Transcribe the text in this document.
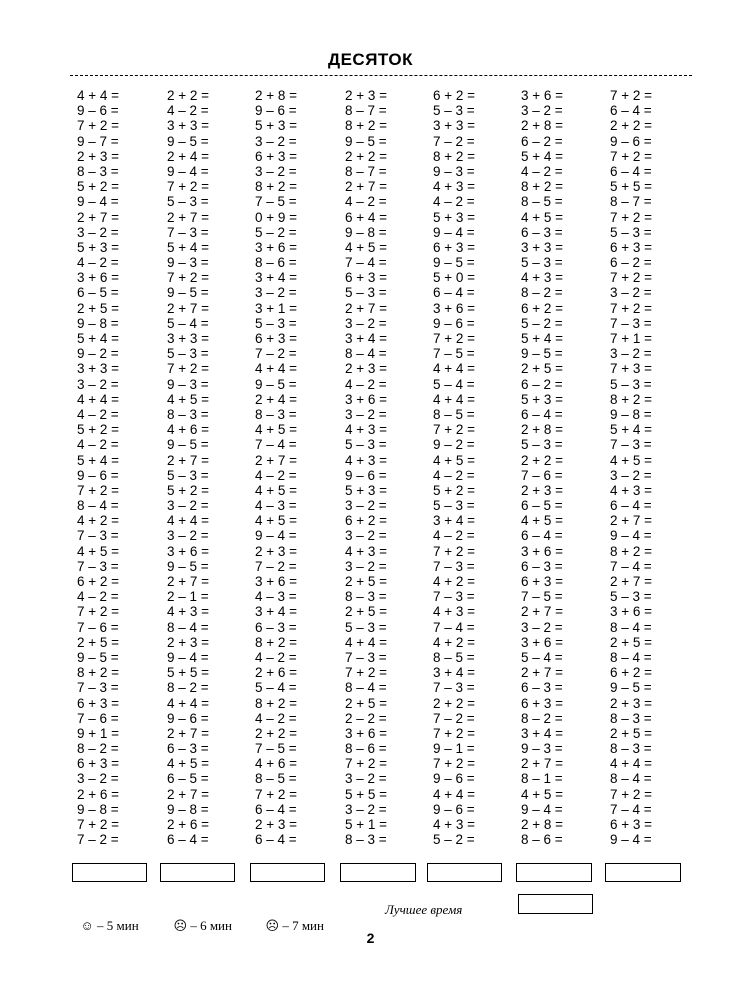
ДЕСЯТОК
4 + 4 =
9 – 6 =
7 + 2 =
9 – 7 =
2 + 3 =
8 – 3 =
5 + 2 =
9 – 4 =
2 + 7 =
3 – 2 =
5 + 3 =
4 – 2 =
3 + 6 =
6 – 5 =
2 + 5 =
9 – 8 =
5 + 4 =
9 – 2 =
3 + 3 =
3 – 2 =
4 + 4 =
4 – 2 =
5 + 2 =
4 – 2 =
5 + 4 =
9 – 6 =
7 + 2 =
8 – 4 =
4 + 2 =
7 – 3 =
4 + 5 =
7 – 3 =
6 + 2 =
4 – 2 =
7 + 2 =
7 – 6 =
2 + 5 =
9 – 5 =
8 + 2 =
7 – 3 =
6 + 3 =
7 – 6 =
9 + 1 =
8 – 2 =
6 + 3 =
3 – 2 =
2 + 6 =
9 – 8 =
7 + 2 =
7 – 2 =
2 + 2 =
4 – 2 =
3 + 3 =
9 – 5 =
2 + 4 =
9 – 4 =
7 + 2 =
5 – 3 =
2 + 7 =
7 – 3 =
5 + 4 =
9 – 3 =
7 + 2 =
9 – 5 =
2 + 7 =
5 – 4 =
3 + 3 =
5 – 3 =
7 + 2 =
9 – 3 =
4 + 5 =
8 – 3 =
4 + 6 =
9 – 5 =
2 + 7 =
5 – 3 =
5 + 2 =
3 – 2 =
4 + 4 =
3 – 2 =
3 + 6 =
9 – 5 =
2 + 7 =
2 – 1 =
4 + 3 =
8 – 4 =
2 + 3 =
9 – 4 =
5 + 5 =
8 – 2 =
4 + 4 =
9 – 6 =
2 + 7 =
6 – 3 =
4 + 5 =
6 – 5 =
2 + 7 =
9 – 8 =
2 + 6 =
6 – 4 =
2 + 8 =
9 – 6 =
5 + 3 =
3 – 2 =
6 + 3 =
3 – 2 =
8 + 2 =
7 – 5 =
0 + 9 =
5 – 2 =
3 + 6 =
8 – 6 =
3 + 4 =
3 – 2 =
3 + 1 =
5 – 3 =
6 + 3 =
7 – 2 =
4 + 4 =
9 – 5 =
2 + 4 =
8 – 3 =
4 + 5 =
7 – 4 =
2 + 7 =
4 – 2 =
4 + 5 =
4 – 3 =
4 + 5 =
9 – 4 =
2 + 3 =
7 – 2 =
3 + 6 =
4 – 3 =
3 + 4 =
6 – 3 =
8 + 2 =
4 – 2 =
2 + 6 =
5 – 4 =
8 + 2 =
4 – 2 =
2 + 2 =
7 – 5 =
4 + 6 =
8 – 5 =
7 + 2 =
6 – 4 =
2 + 3 =
6 – 4 =
2 + 3 =
8 – 7 =
8 + 2 =
9 – 5 =
2 + 2 =
8 – 7 =
2 + 7 =
4 – 2 =
6 + 4 =
9 – 8 =
4 + 5 =
7 – 4 =
6 + 3 =
5 – 3 =
2 + 7 =
3 – 2 =
3 + 4 =
8 – 4 =
2 + 3 =
4 – 2 =
3 + 6 =
3 – 2 =
4 + 3 =
5 – 3 =
4 + 3 =
9 – 6 =
5 + 3 =
3 – 2 =
6 + 2 =
3 – 2 =
4 + 3 =
3 – 2 =
2 + 5 =
8 – 3 =
2 + 5 =
5 – 3 =
4 + 4 =
7 – 3 =
7 + 2 =
8 – 4 =
2 + 5 =
2 – 2 =
3 + 6 =
8 – 6 =
7 + 2 =
3 – 2 =
5 + 5 =
3 – 2 =
5 + 1 =
8 – 3 =
6 + 2 =
5 – 3 =
3 + 3 =
7 – 2 =
8 + 2 =
9 – 3 =
4 + 3 =
4 – 2 =
5 + 3 =
9 – 4 =
6 + 3 =
9 – 5 =
5 + 0 =
6 – 4 =
3 + 6 =
9 – 6 =
7 + 2 =
7 – 5 =
4 + 4 =
5 – 4 =
4 + 4 =
8 – 5 =
7 + 2 =
9 – 2 =
4 + 5 =
4 – 2 =
5 + 2 =
5 – 3 =
3 + 4 =
4 – 2 =
7 + 2 =
7 – 3 =
4 + 2 =
7 – 3 =
4 + 3 =
7 – 4 =
4 + 2 =
8 – 5 =
3 + 4 =
7 – 3 =
2 + 2 =
7 – 2 =
7 + 2 =
9 – 1 =
7 + 2 =
9 – 6 =
4 + 4 =
9 – 6 =
4 + 3 =
5 – 2 =
3 + 6 =
3 – 2 =
2 + 8 =
6 – 2 =
5 + 4 =
4 – 2 =
8 + 2 =
8 – 5 =
4 + 5 =
6 – 3 =
3 + 3 =
5 – 3 =
4 + 3 =
8 – 2 =
6 + 2 =
5 – 2 =
5 + 4 =
9 – 5 =
2 + 5 =
6 – 2 =
5 + 3 =
6 – 4 =
2 + 8 =
5 – 3 =
2 + 2 =
7 – 6 =
2 + 3 =
6 – 5 =
4 + 5 =
6 – 4 =
3 + 6 =
6 – 3 =
6 + 3 =
7 – 5 =
2 + 7 =
3 – 2 =
3 + 6 =
5 – 4 =
2 + 7 =
6 – 3 =
6 + 3 =
8 – 2 =
3 + 4 =
9 – 3 =
2 + 7 =
8 – 1 =
4 + 5 =
9 – 4 =
2 + 8 =
8 – 6 =
7 + 2 =
6 – 4 =
2 + 2 =
9 – 6 =
7 + 2 =
6 – 4 =
5 + 5 =
8 – 7 =
7 + 2 =
5 – 3 =
6 + 3 =
6 – 2 =
7 + 2 =
3 – 2 =
7 + 2 =
7 – 3 =
7 + 1 =
3 – 2 =
7 + 3 =
5 – 3 =
8 + 2 =
9 – 8 =
5 + 4 =
7 – 3 =
4 + 5 =
3 – 2 =
4 + 3 =
6 – 4 =
2 + 7 =
9 – 4 =
8 + 2 =
7 – 4 =
2 + 7 =
5 – 3 =
3 + 6 =
8 – 4 =
2 + 5 =
8 – 4 =
6 + 2 =
9 – 5 =
2 + 3 =
8 – 3 =
2 + 5 =
8 – 3 =
4 + 4 =
8 – 4 =
7 + 2 =
7 – 4 =
6 + 3 =
9 – 4 =

☺ – 5 мин	☹ – 6 мин	☹ – 7 мин

Лучшее время
2
